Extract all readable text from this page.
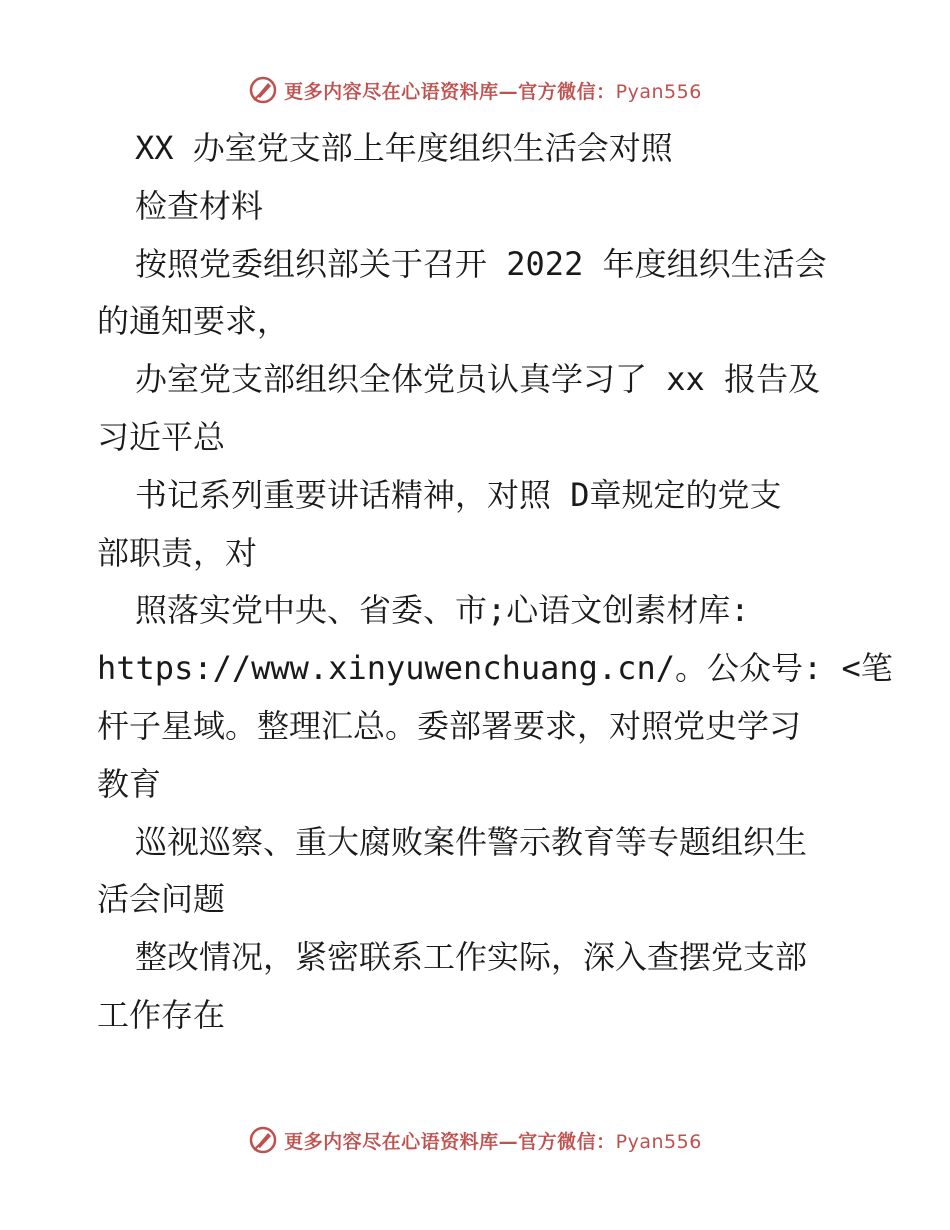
更多内容尽在心语资料库—官方微信：Pyan556
XX 办室党支部上年度组织生活会对照
检查材料
按照党委组织部关于召开 2022 年度组织生活会
的通知要求，
办室党支部组织全体党员认真学习了 xx 报告及
习近平总
书记系列重要讲话精神，对照 D章规定的党支
部职责，对
照落实党中央、省委、市;心语文创素材库:
https://www.xinyuwenchuang.cn/。公众号: <笔
杆子星域。整理汇总。委部署要求，对照党史学习
教育
巡视巡察、重大腐败案件警示教育等专题组织生
活会问题
整改情况，紧密联系工作实际，深入查摆党支部
工作存在
更多内容尽在心语资料库—官方微信：Pyan556
